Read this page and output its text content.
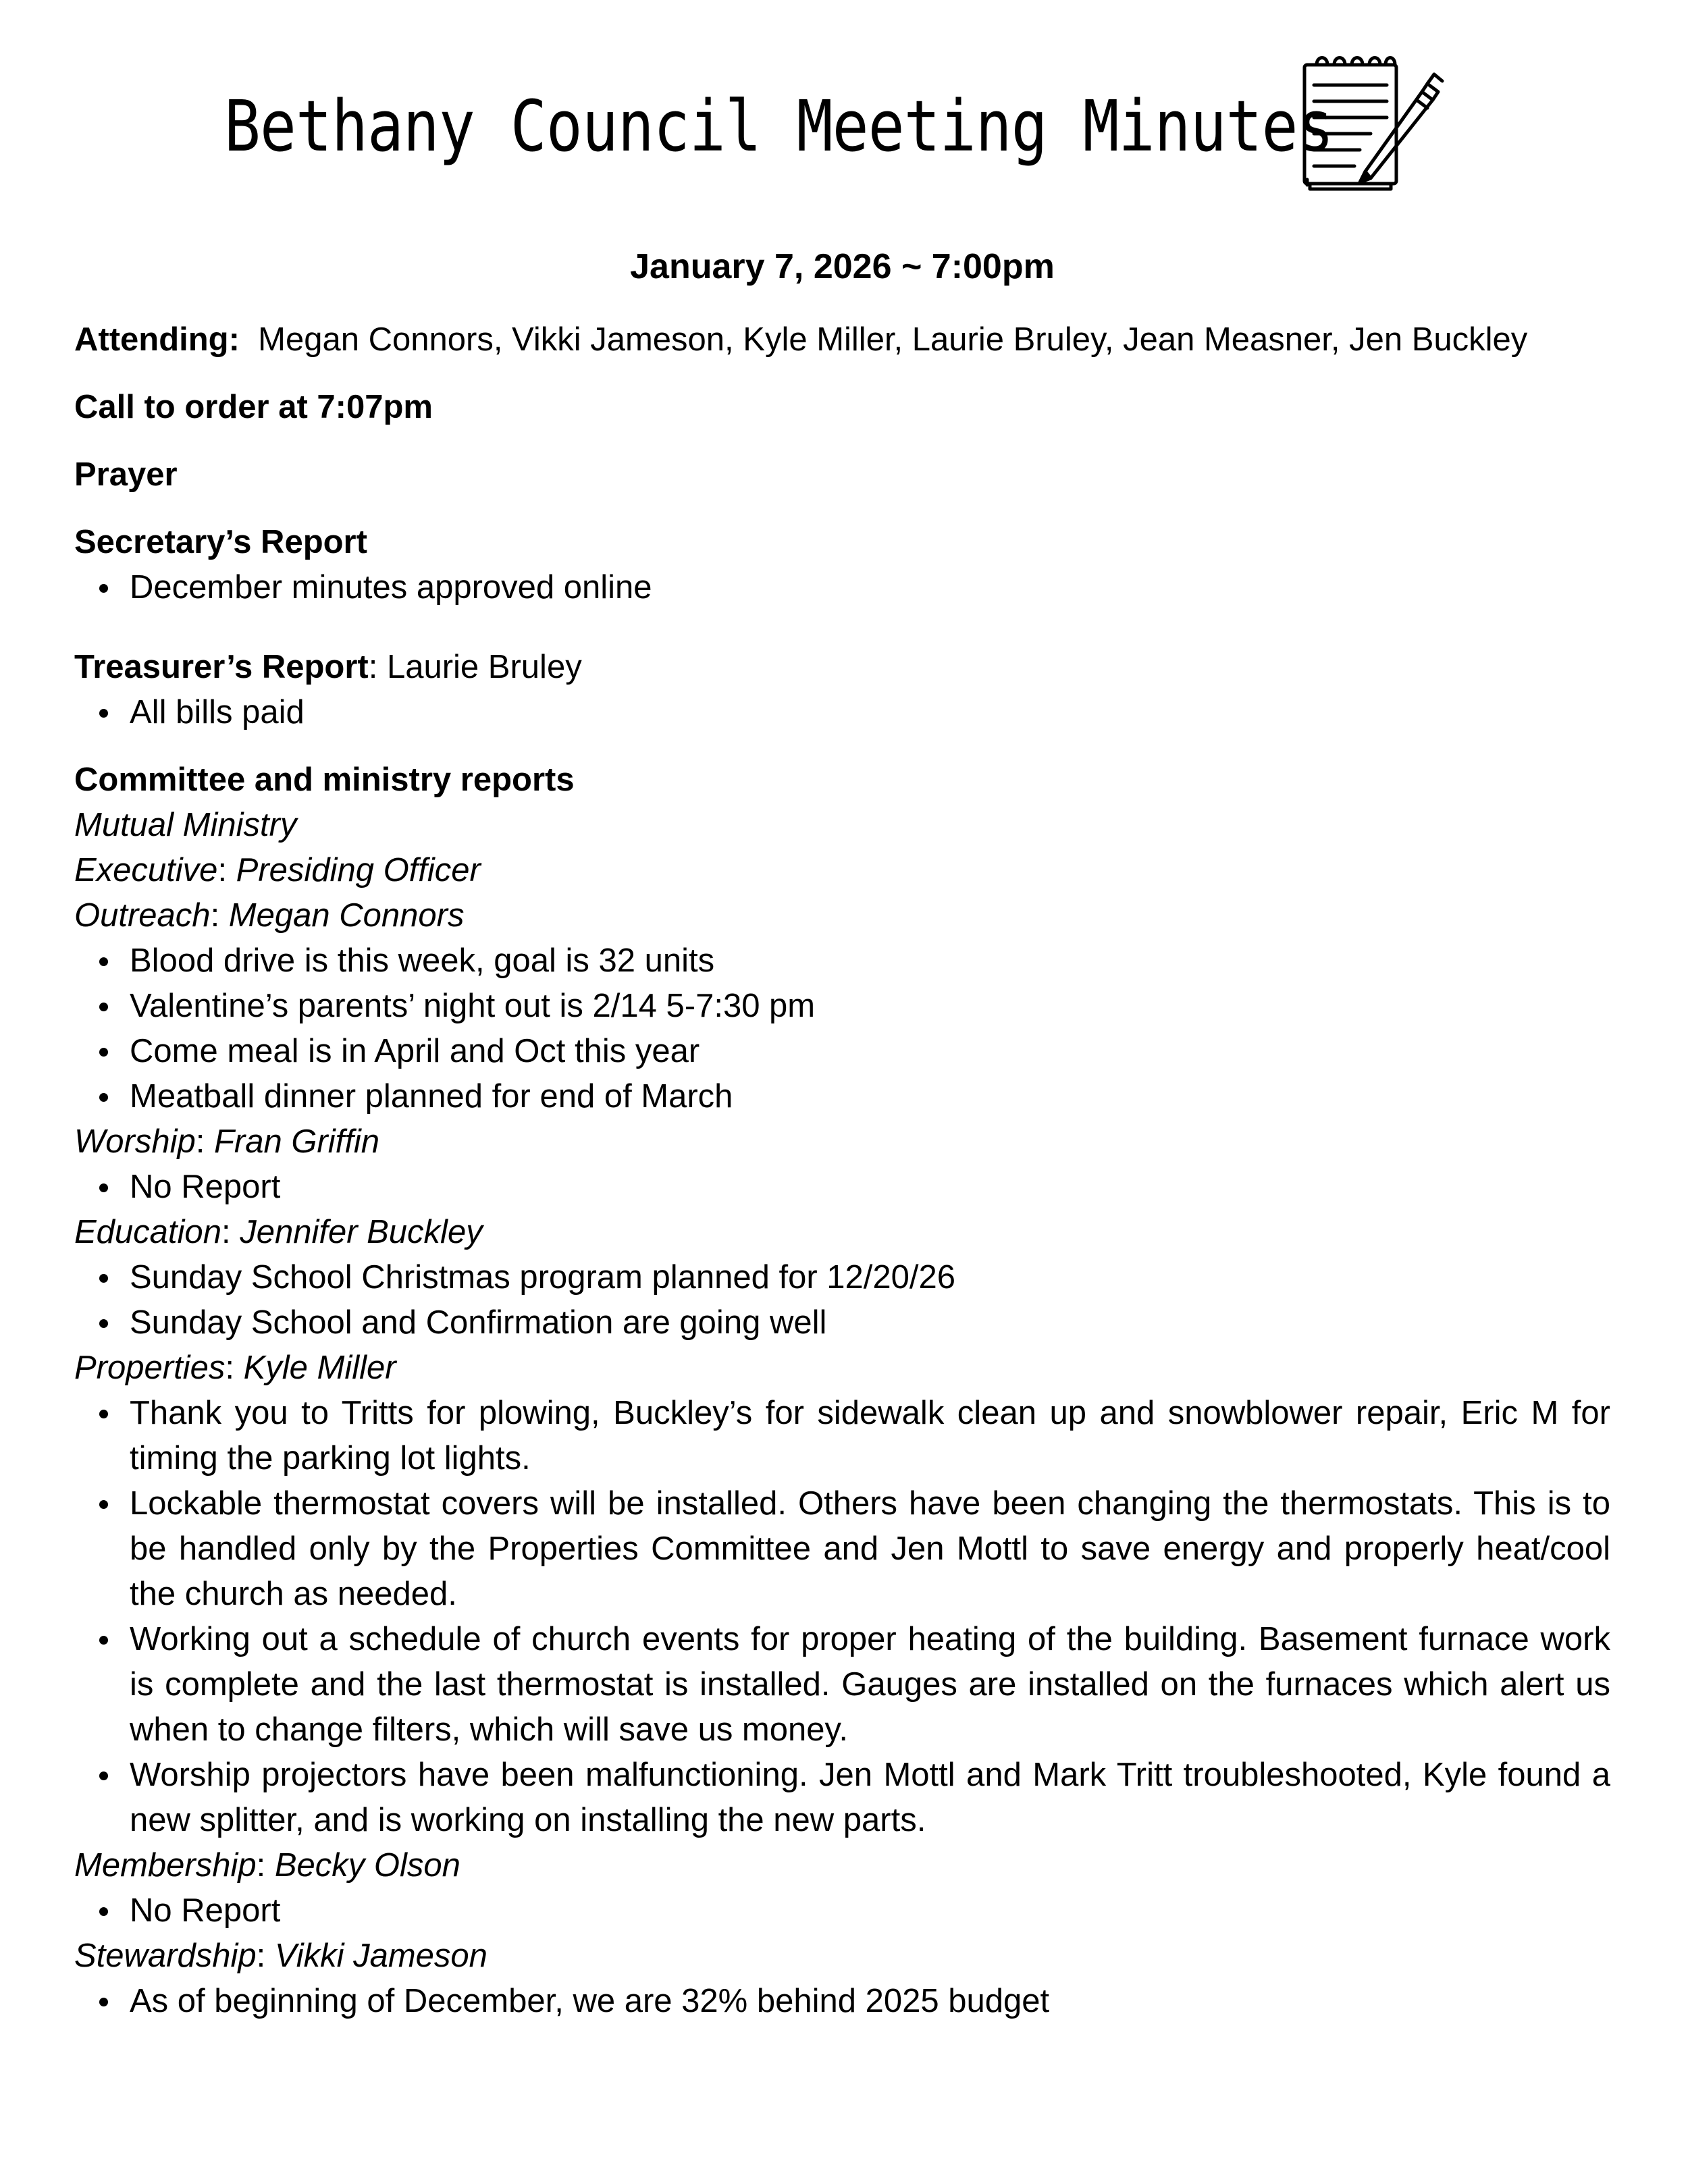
Bethany Council Meeting Minutes
January 7, 2026 ~ 7:00pm

Attending: Megan Connors, Vikki Jameson, Kyle Miller, Laurie Bruley, Jean Measner, Jen Buckley

Call to order at 7:07pm

Prayer

Secretary’s Report

December minutes approved online

Treasurer’s Report: Laurie Bruley

All bills paid

Committee and ministry reports

Mutual Ministry

Executive: Presiding Officer

Outreach: Megan Connors

Blood drive is this week, goal is 32 units
Valentine’s parents’ night out is 2/14 5-7:30 pm
Come meal is in April and Oct this year
Meatball dinner planned for end of March

Worship: Fran Griffin

No Report

Education: Jennifer Buckley

Sunday School Christmas program planned for 12/20/26
Sunday School and Confirmation are going well

Properties: Kyle Miller

Thank you to Tritts for plowing, Buckley’s for sidewalk clean up and snowblower repair, Eric M for timing the parking lot lights.
Lockable thermostat covers will be installed. Others have been changing the thermostats. This is to be handled only by the Properties Committee and Jen Mottl to save energy and properly heat/cool the church as needed.
Working out a schedule of church events for proper heating of the building. Basement furnace work is complete and the last thermostat is installed. Gauges are installed on the furnaces which alert us when to change filters, which will save us money.
Worship projectors have been malfunctioning. Jen Mottl and Mark Tritt troubleshooted, Kyle found a new splitter, and is working on installing the new parts.

Membership: Becky Olson

No Report

Stewardship: Vikki Jameson

As of beginning of December, we are 32% behind 2025 budget
